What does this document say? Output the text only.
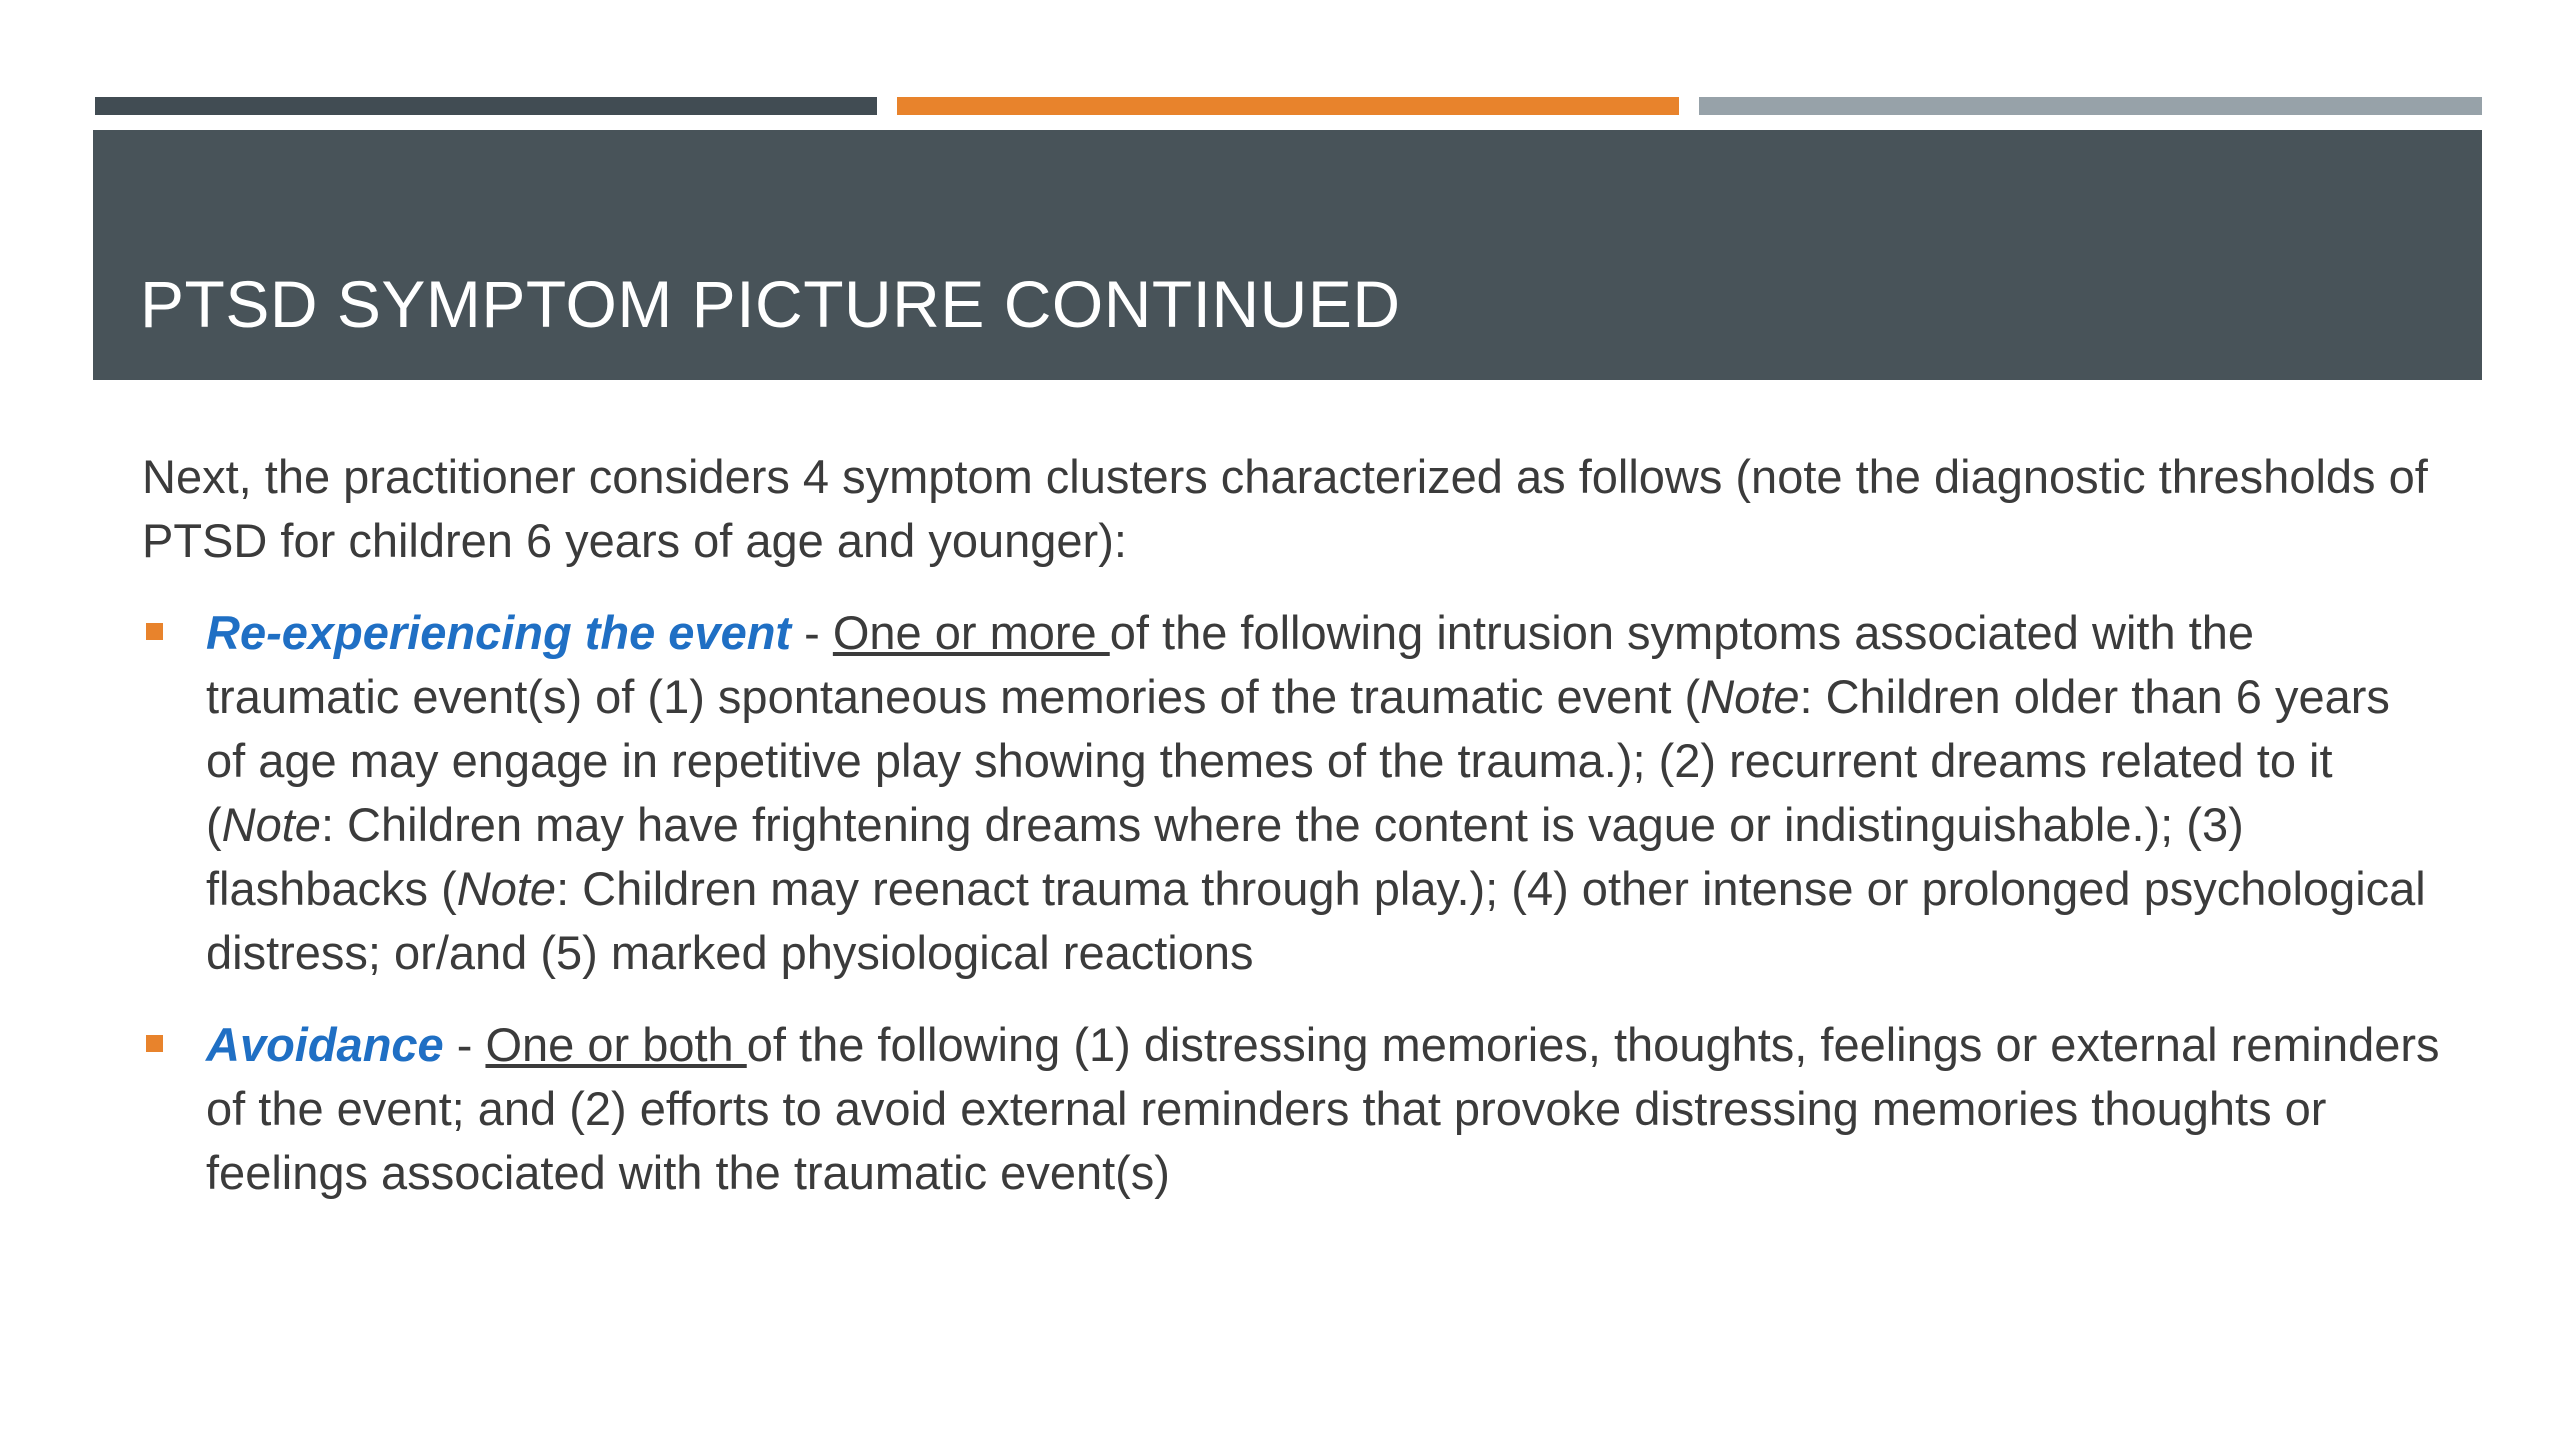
PTSD SYMPTOM PICTURE CONTINUED

Next, the practitioner considers 4 symptom clusters characterized as follows (note the diagnostic thresholds of PTSD for children 6 years of age and younger):

Re-experiencing the event - One or more of the following intrusion symptoms associated with the traumatic event(s) of (1) spontaneous memories of the traumatic event (Note: Children older than 6 years of age may engage in repetitive play showing themes of the trauma.); (2) recurrent dreams related to it (Note: Children may have frightening dreams where the content is vague or indistinguishable.); (3) flashbacks (Note: Children may reenact trauma through play.); (4) other intense or prolonged psychological distress; or/and (5) marked physiological reactions
Avoidance - One or both of the following (1) distressing memories, thoughts, feelings or external reminders of the event; and (2) efforts to avoid external reminders that provoke distressing memories thoughts or feelings associated with the traumatic event(s)
